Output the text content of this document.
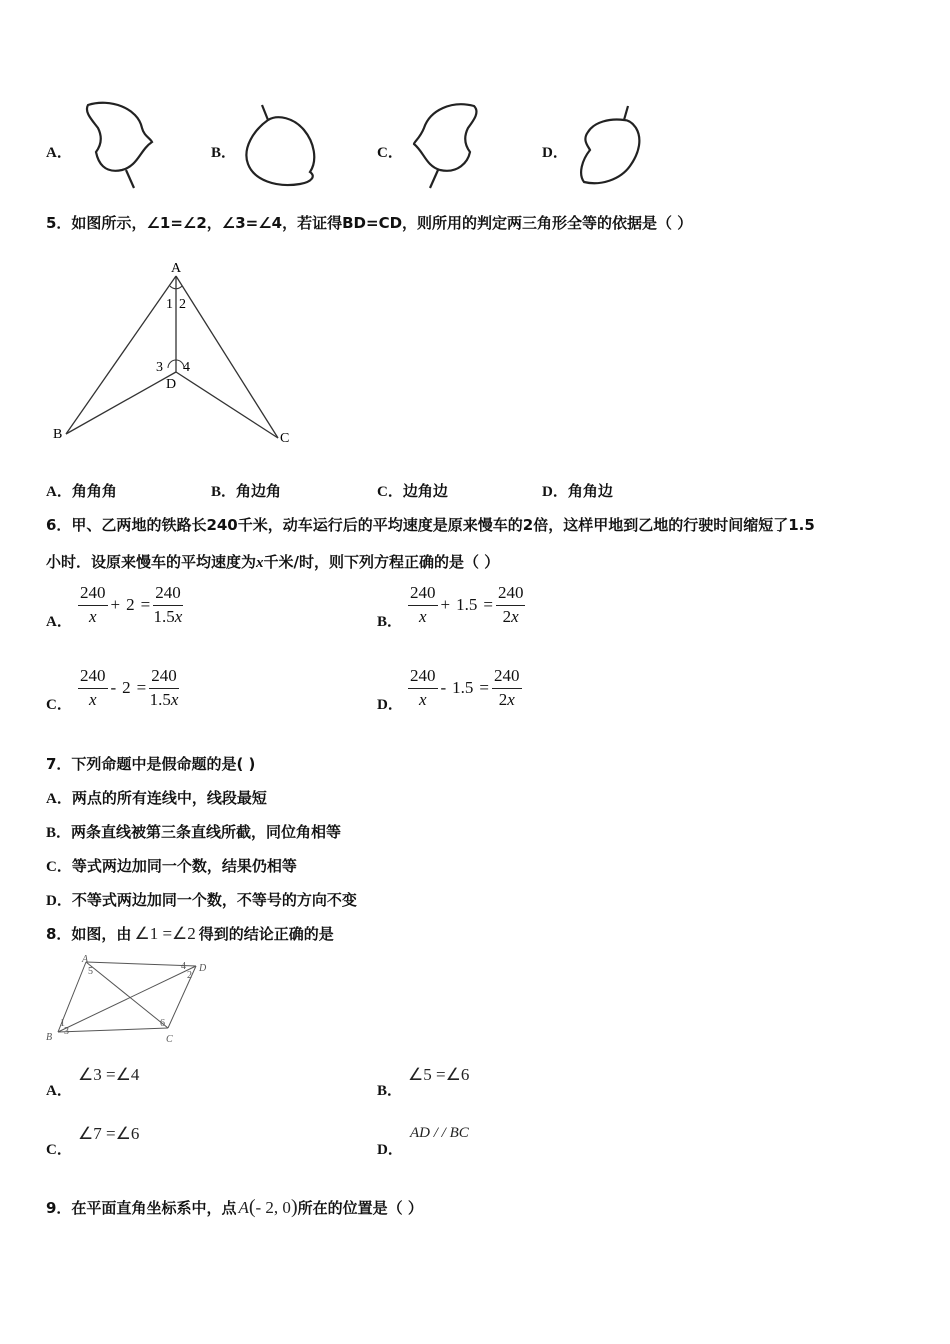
A．	B．	C．	D．
5．如图所示，∠1=∠2，∠3=∠4，若证得BD=CD，则所用的判定两三角形全等的依据是（ ）
A
B	C
D
1 2
3 4
A．角角角	B．角边角	C．边角边	D．角角边
6．甲、乙两地的铁路长240千米，动车运行后的平均速度是原来慢车的2倍，这样甲地到乙地的行驶时间缩短了1.5
小时．设原来慢车的平均速度为x千米/时，则下列方程正确的是（ ）
A． $\frac{240}{x} + 2 = \frac{240}{1.5x}$	B． $\frac{240}{x} + 1.5 = \frac{240}{2x}$
C． $\frac{240}{x} - 2 = \frac{240}{1.5x}$	D． $\frac{240}{x} - 1.5 = \frac{240}{2x}$
7．下列命题中是假命题的是( )
A．两点的所有连线中，线段最短
B．两条直线被第三条直线所截，同位角相等
C．等式两边加同一个数，结果仍相等
D．不等式两边加同一个数，不等号的方向不变
8．如图，由 ∠1 =∠2 得到的结论正确的是
A
B	C
D
5	4
2
1
3
6
A．
∠3 =∠4
B．
∠5 =∠6
C．
∠7 =∠6
D．
AD / / BC
9．在平面直角坐标系中，点 A(- 2, 0)所在的位置是（ ）
